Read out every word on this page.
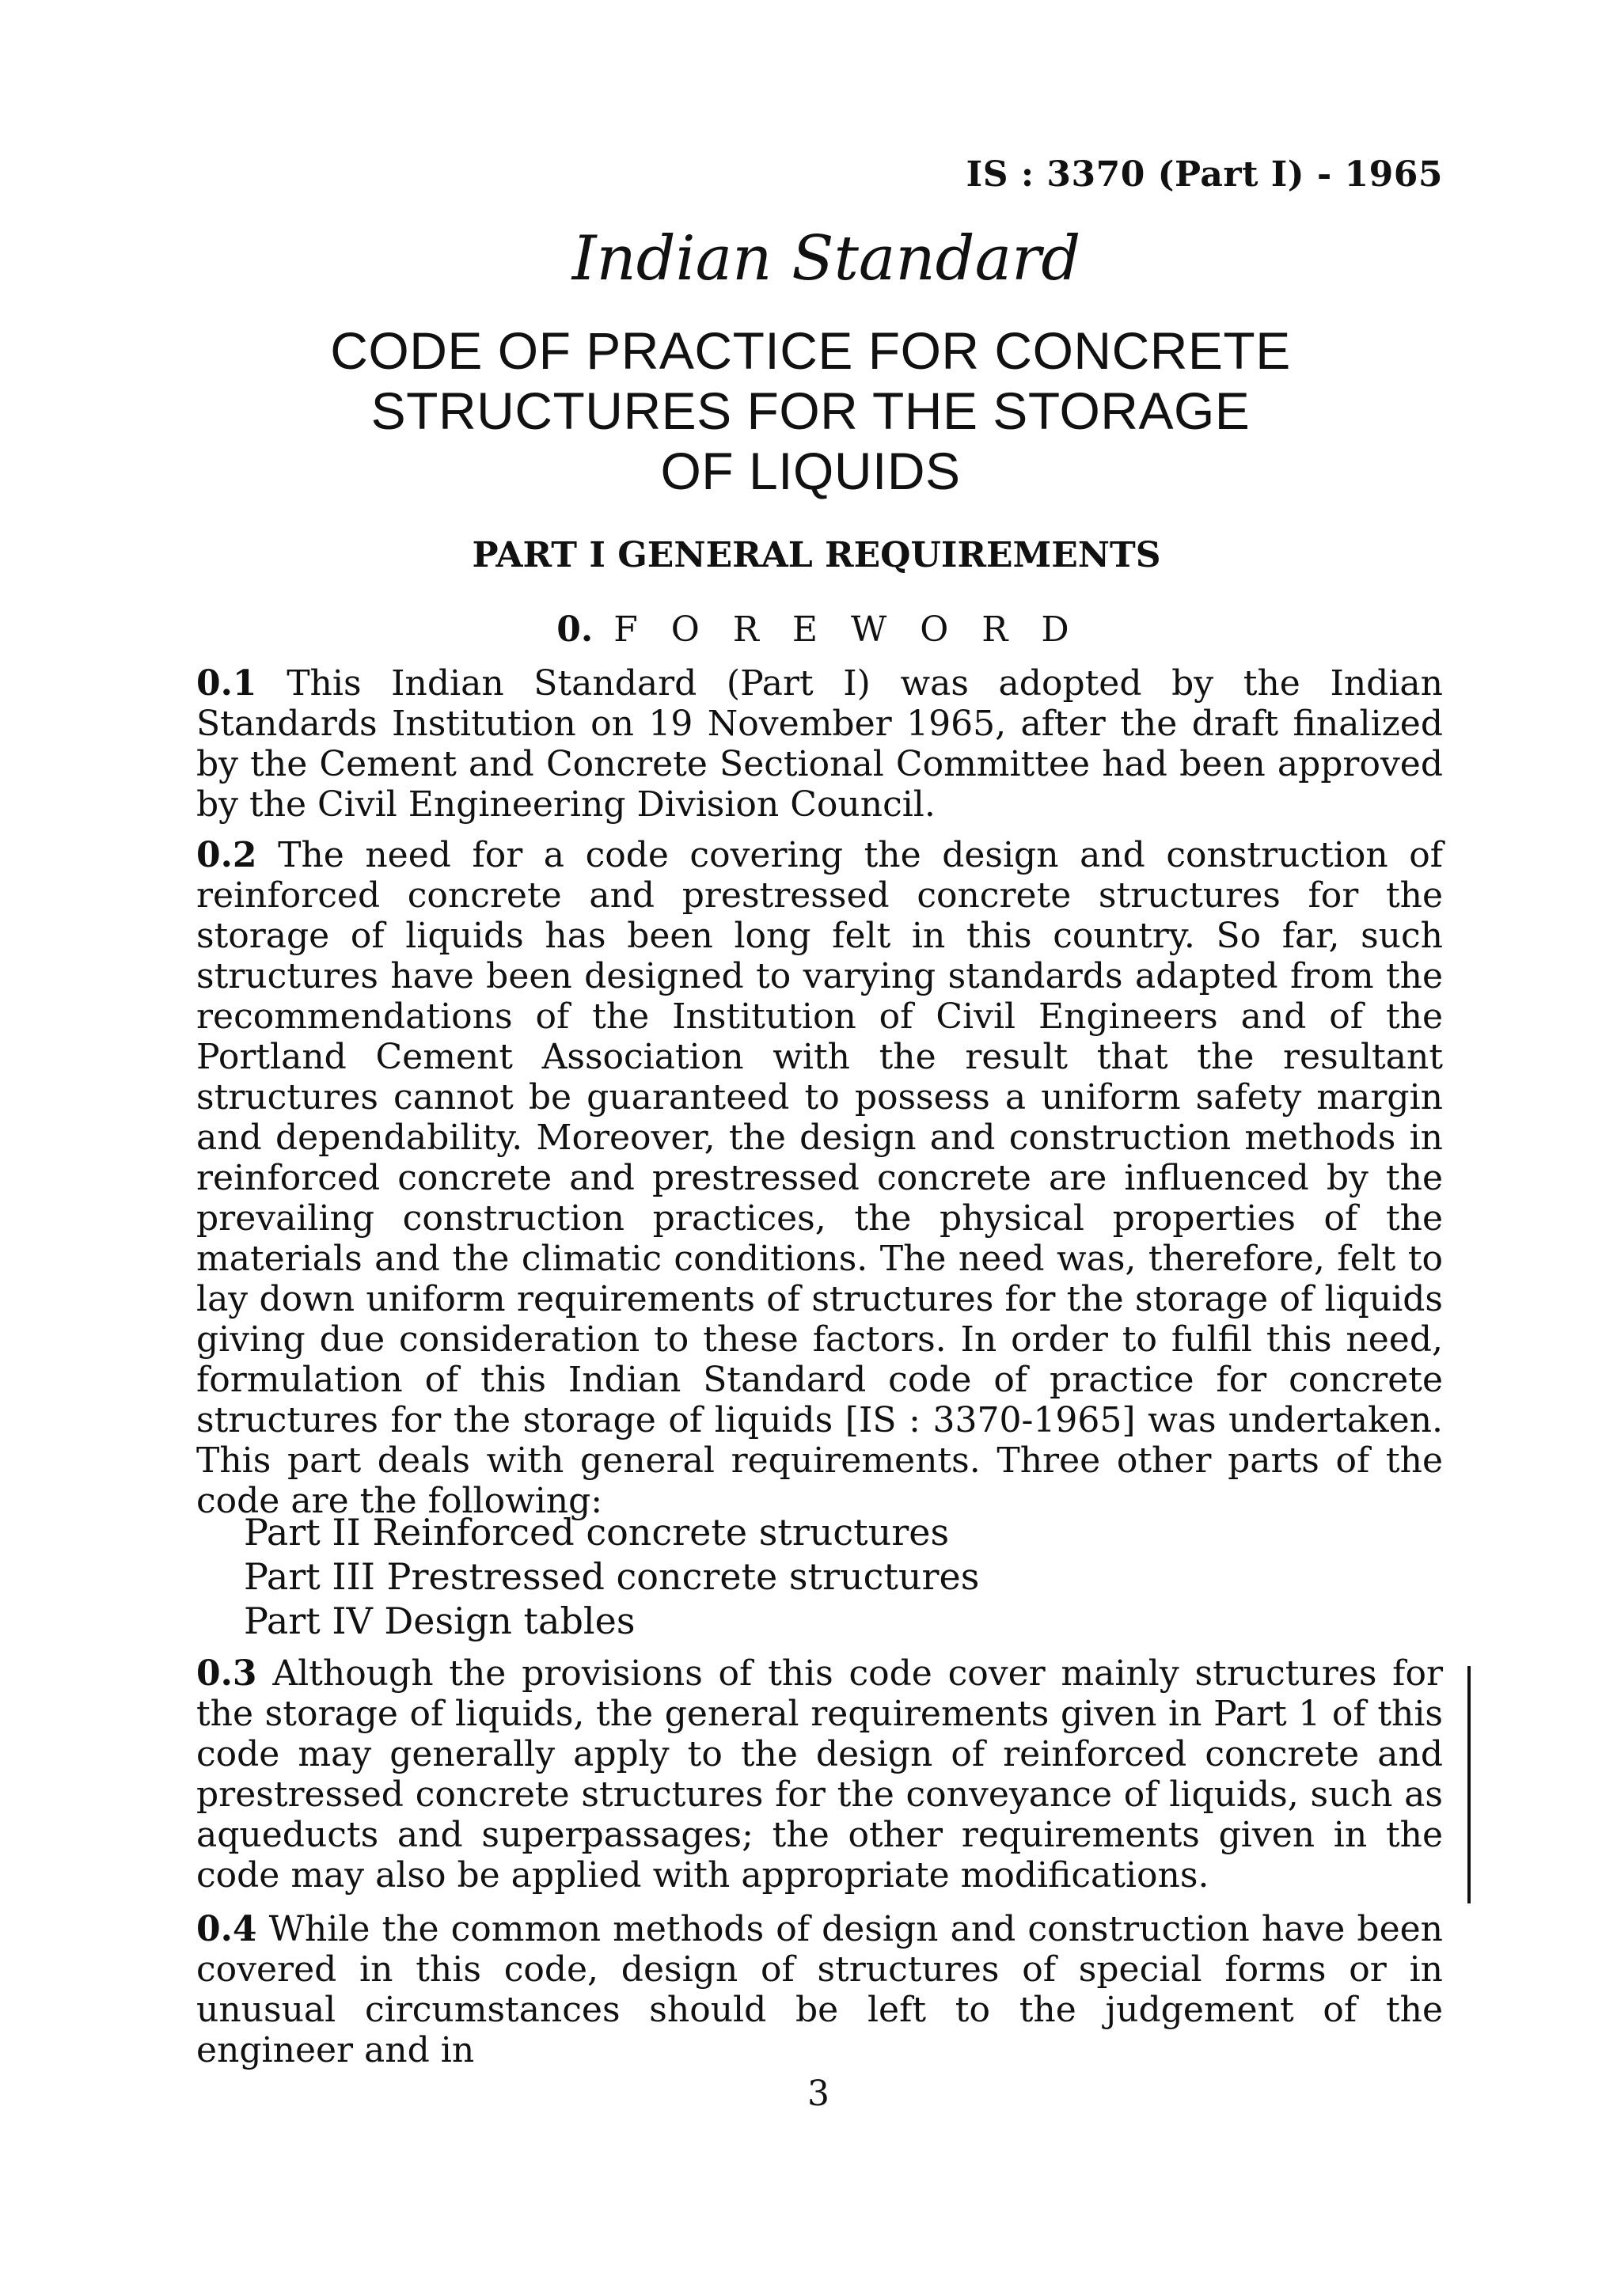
IS : 3370 (Part I) - 1965
Indian Standard
CODE OF PRACTICE FOR CONCRETE
STRUCTURES FOR THE STORAGE
OF LIQUIDS
PART I GENERAL REQUIREMENTS
0. F O R E W O R D
0.1 This Indian Standard (Part I) was adopted by the Indian Standards Institution on 19 November 1965, after the draft finalized by the Cement and Concrete Sectional Committee had been approved by the Civil Engineering Division Council.
0.2 The need for a code covering the design and construction of reinforced concrete and prestressed concrete structures for the storage of liquids has been long felt in this country. So far, such structures have been designed to varying standards adapted from the recommendations of the Institution of Civil Engineers and of the Portland Cement Association with the result that the resultant structures cannot be guaranteed to possess a uniform safety margin and dependability. Moreover, the design and construction methods in reinforced concrete and prestressed concrete are influenced by the prevailing construction practices, the physical properties of the materials and the climatic conditions. The need was, therefore, felt to lay down uniform requirements of structures for the storage of liquids giving due consideration to these factors. In order to fulfil this need, formulation of this Indian Standard code of practice for concrete structures for the storage of liquids [IS : 3370-1965] was undertaken. This part deals with general requirements. Three other parts of the code are the following:
Part II Reinforced concrete structures
Part III Prestressed concrete structures
Part IV Design tables
0.3 Although the provisions of this code cover mainly structures for the storage of liquids, the general requirements given in Part 1 of this code may generally apply to the design of reinforced concrete and prestressed concrete structures for the conveyance of liquids, such as aqueducts and superpassages; the other requirements given in the code may also be applied with appropriate modifications.
0.4 While the common methods of design and construction have been covered in this code, design of structures of special forms or in unusual circumstances should be left to the judgement of the engineer and in
3
